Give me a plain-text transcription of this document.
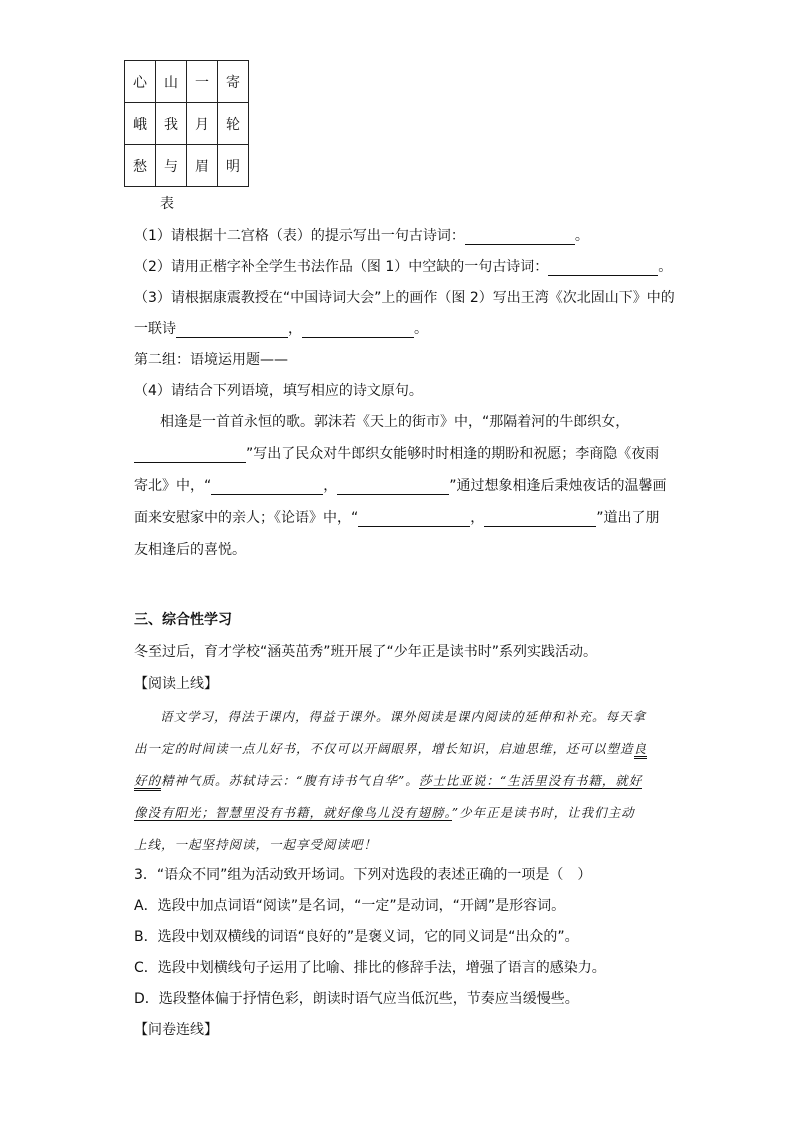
心	山	一	寄
峨	我	月	轮
愁	与	眉	明
表
（1）请根据十二宫格（表）的提示写出一句古诗词：	。
（2）请用正楷字补全学生书法作品（图 1）中空缺的一句古诗词：	。
（3）请根据康震教授在“中国诗词大会”上的画作（图 2）写出王湾《次北固山下》中的
一联诗	，	。
第二组：语境运用题——
（4）请结合下列语境，填写相应的诗文原句。
相逢是一首首永恒的歌。郭沫若《天上的街市》中，“那隔着河的牛郎织女，
”写出了民众对牛郎织女能够时时相逢的期盼和祝愿；李商隐《夜雨
寄北》中，“	，	”通过想象相逢后秉烛夜话的温馨画
面来安慰家中的亲人；《论语》中，“	，	”道出了朋
友相逢后的喜悦。
三、综合性学习
冬至过后，育才学校“涵英茁秀”班开展了“少年正是读书时”系列实践活动。
【阅读上线】
语文学习，得法于课内，得益于课外。课外阅读是课内阅读的延伸和补充。每天拿
出一定的时间读一点儿好书，不仅可以开阔眼界，增长知识，启迪思维，还可以塑造良
好的精神气质。苏轼诗云：“腹有诗书气自华”。莎士比亚说：“生活里没有书籍，就好
像没有阳光；智慧里没有书籍，就好像鸟儿没有翅膀。”少年正是读书时，让我们主动
上线，一起坚持阅读，一起享受阅读吧！
3．“语众不同”组为活动致开场词。下列对选段的表述正确的一项是（　）
A．选段中加点词语“阅读”是名词，“一定”是动词，“开阔”是形容词。
B．选段中划双横线的词语“良好的”是褒义词，它的同义词是“出众的”。
C．选段中划横线句子运用了比喻、排比的修辞手法，增强了语言的感染力。
D．选段整体偏于抒情色彩，朗读时语气应当低沉些，节奏应当缓慢些。
【问卷连线】
